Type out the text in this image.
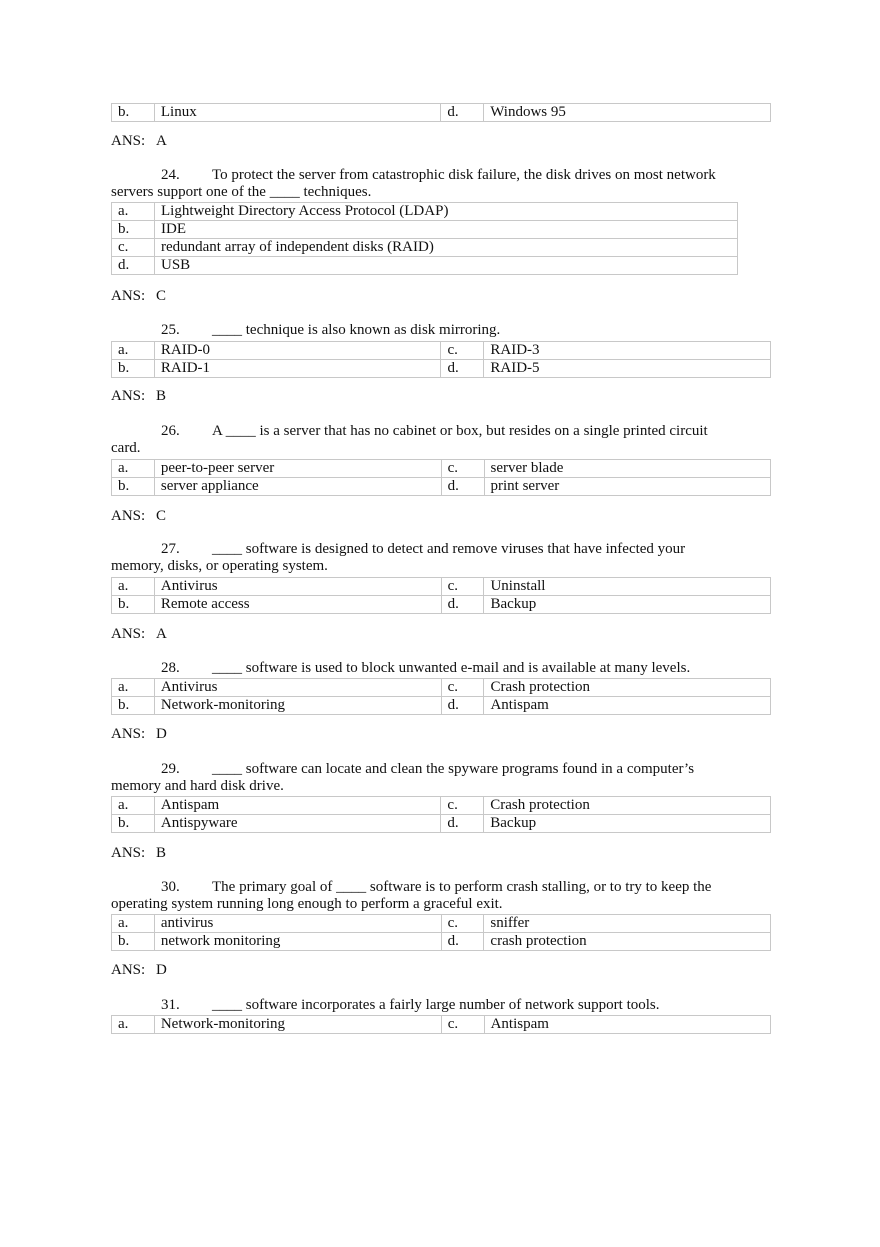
b.	Linux	d.	Windows 95
ANS: A
24. To protect the server from catastrophic disk failure, the disk drives on most network servers support one of the ____ techniques.
a.	Lightweight Directory Access Protocol (LDAP)
b.	IDE
c.	redundant array of independent disks (RAID)
d.	USB
ANS: C
25. ____ technique is also known as disk mirroring.
a.	RAID-0	c.	RAID-3
b.	RAID-1	d.	RAID-5
ANS: B
26. A ____ is a server that has no cabinet or box, but resides on a single printed circuit card.
a.	peer-to-peer server	c.	server blade
b.	server appliance	d.	print server
ANS: C
27. ____ software is designed to detect and remove viruses that have infected your memory, disks, or operating system.
a.	Antivirus	c.	Uninstall
b.	Remote access	d.	Backup
ANS: A
28. ____ software is used to block unwanted e-mail and is available at many levels.
a.	Antivirus	c.	Crash protection
b.	Network-monitoring	d.	Antispam
ANS: D
29. ____ software can locate and clean the spyware programs found in a computer’s memory and hard disk drive.
a.	Antispam	c.	Crash protection
b.	Antispyware	d.	Backup
ANS: B
30. The primary goal of ____ software is to perform crash stalling, or to try to keep the operating system running long enough to perform a graceful exit.
a.	antivirus	c.	sniffer
b.	network monitoring	d.	crash protection
ANS: D
31. ____ software incorporates a fairly large number of network support tools.
a.	Network-monitoring	c.	Antispam
